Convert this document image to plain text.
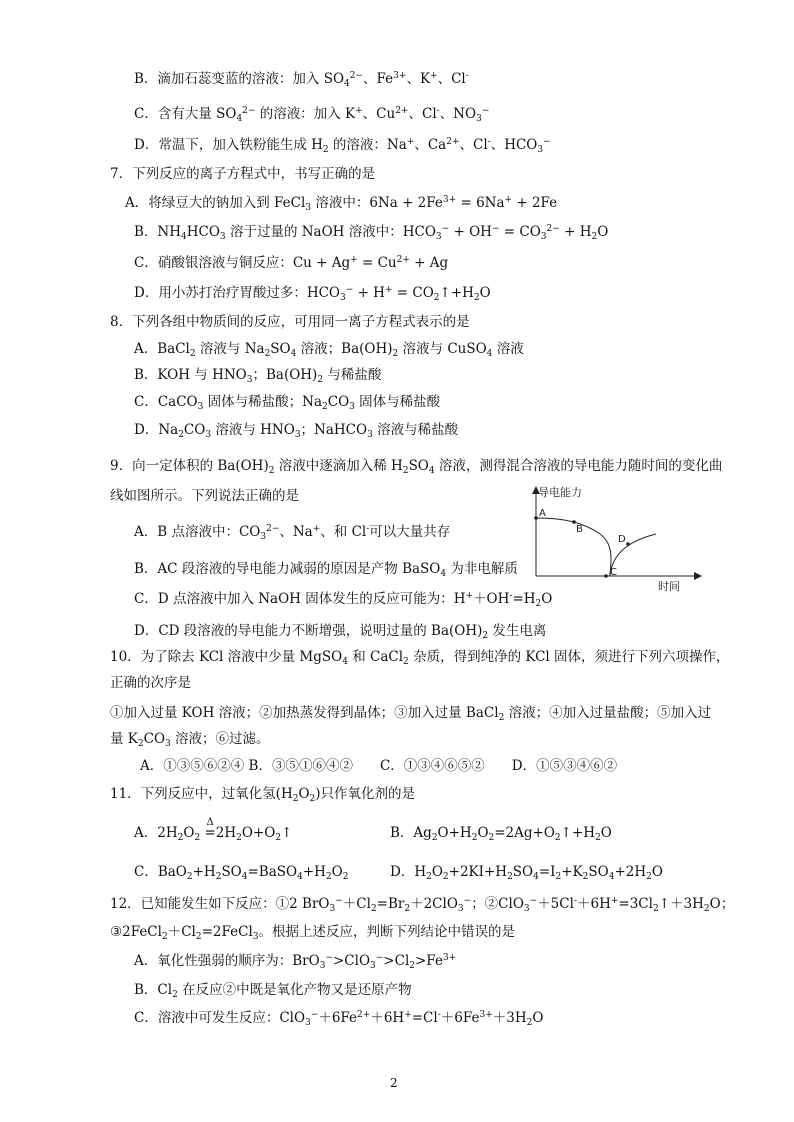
B．滴加石蕊变蓝的溶液：加入 $SO_4^{2-}$、$Fe^{3+}$、K+、Cl-
C．含有大量 $SO_4^{2-}$ 的溶液：加入 K+、$Cu^{2+}$、Cl-、$NO_3^-$
D．常温下，加入铁粉能生成 $H_2$ 的溶液：Na+、$Ca^{2+}$、Cl-、$HCO_3^-$
7．下列反应的离子方程式中，书写正确的是
A．将绿豆大的钠加入到 FeCl$_3$ 溶液中：$6Na + 2Fe^{3+} = 6Na^+ + 2Fe$
B．$NH_4HCO_3$ 溶于过量的 NaOH 溶液中：$HCO_3^- + OH^- = CO_3^{2-} + H_2O$
C．硝酸银溶液与铜反应：$Cu + Ag^+ = Cu^{2+} + Ag$
D．用小苏打治疗胃酸过多：$HCO_3^- + H^+$ = $CO_2↑+H_2O$
8．下列各组中物质间的反应，可用同一离子方程式表示的是
A．BaCl$_2$ 溶液与 $Na_2SO_4$ 溶液；$Ba(OH)_2$ 溶液与 CuSO$_4$ 溶液
B．KOH 与 $HNO_3$；$Ba(OH)_2$ 与稀盐酸
C．CaCO$_3$ 固体与稀盐酸；$Na_2CO_3$ 固体与稀盐酸
D．$Na_2CO_3$ 溶液与 $HNO_3$；NaHCO$_3$ 溶液与稀盐酸
9．向一定体积的 $Ba(OH)_2$ 溶液中逐滴加入稀 $H_2SO_4$ 溶液，测得混合溶液的导电能力随时间的变化曲
线如图所示。下列说法正确的是
A．B 点溶液中：$CO_3^{2-}$、Na+、和 Cl-可以大量共存
B．AC 段溶液的导电能力减弱的原因是产物 BaSO$_4$ 为非电解质
C．D 点溶液中加入 NaOH 固体发生的反应可能为：$H^++OH^-=H_2O$
D．CD 段溶液的导电能力不断增强，说明过量的 $Ba(OH)_2$ 发生电离
10．为了除去 KCl 溶液中少量 MgSO$_4$ 和 CaCl$_2$ 杂质，得到纯净的 KCl 固体，须进行下列六项操作，
正确的次序是
①加入过量 KOH 溶液；②加热蒸发得到晶体；③加入过量 BaCl$_2$ 溶液；④加入过量盐酸；⑤加入过
量 $K_2CO_3$ 溶液；⑥过滤。
A．①③⑤⑥②④ B．③⑤①⑥④②　　C．①③④⑥⑤②　　D．①⑤③④⑥②
11．下列反应中，过氧化氢$(H_2O_2)$只作氧化剂的是
A．$2H_2O_2$
Δ
$=2H_2O+O_2↑$	B．$Ag_2O+H_2O_2=2Ag+O_2↑+H_2O$
C．$BaO_2+H_2SO_4=BaSO_4+H_2O_2$	D．$H_2O_2+2KI+H_2SO_4=I_2+K_2SO_4+2H_2O$
12．已知能发生如下反应：①2 $BrO_3^-+Cl_2=Br_2+2ClO_3^-$；$②ClO_3^-+5Cl^-+6H^+=3Cl_2↑+3H_2O$；
$③2FeCl_2+Cl_2=2FeCl_3$。根据上述反应，判断下列结论中错误的是
A．氧化性强弱的顺序为：$BrO_3^->ClO_3^->Cl_2>Fe^{3+}$
B．$Cl_2$ 在反应②中既是氧化产物又是还原产物
C．溶液中可发生反应：$ClO_3^-+6Fe^{2+}+6H^+=Cl^-+6Fe^{3+}+3H_2O$
导电能力
时间
A
B
C
D
2
